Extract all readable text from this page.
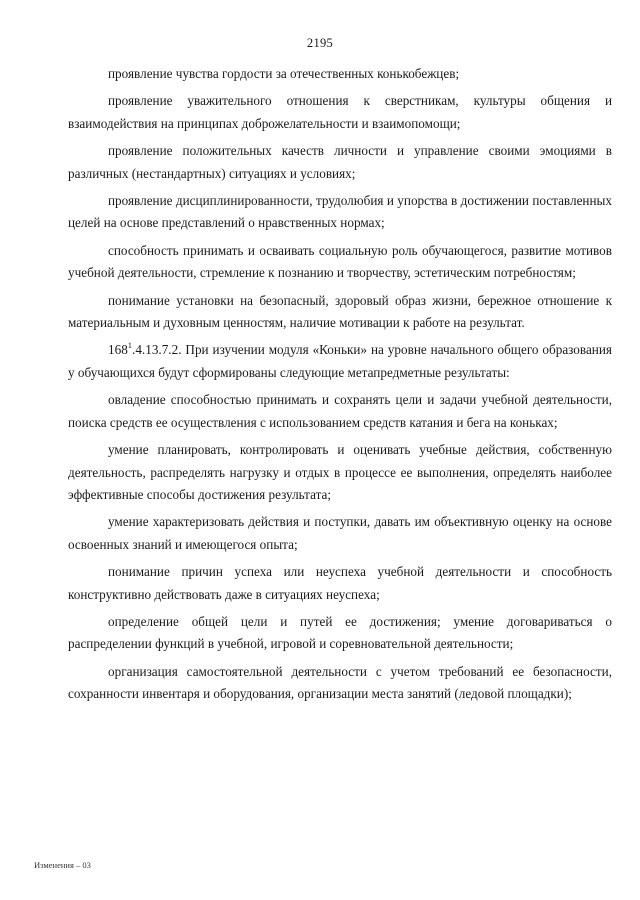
2195

проявление чувства гордости за отечественных конькобежцев;

проявление уважительного отношения к сверстникам, культуры общения и взаимодействия на принципах доброжелательности и взаимопомощи;

проявление положительных качеств личности и управление своими эмоциями в различных (нестандартных) ситуациях и условиях;

проявление дисциплинированности, трудолюбия и упорства в достижении поставленных целей на основе представлений о нравственных нормах;

способность принимать и осваивать социальную роль обучающегося, развитие мотивов учебной деятельности, стремление к познанию и творчеству, эстетическим потребностям;

понимание установки на безопасный, здоровый образ жизни, бережное отношение к материальным и духовным ценностям, наличие мотивации к работе на результат.

$168^1.4.13.7.2$. При изучении модуля «Коньки» на уровне начального общего образования у обучающихся будут сформированы следующие метапредметные результаты:

овладение способностью принимать и сохранять цели и задачи учебной деятельности, поиска средств ее осуществления с использованием средств катания и бега на коньках;

умение планировать, контролировать и оценивать учебные действия, собственную деятельность, распределять нагрузку и отдых в процессе ее выполнения, определять наиболее эффективные способы достижения результата;

умение характеризовать действия и поступки, давать им объективную оценку на основе освоенных знаний и имеющегося опыта;

понимание причин успеха или неуспеха учебной деятельности и способность конструктивно действовать даже в ситуациях неуспеха;

определение общей цели и путей ее достижения; умение договариваться о распределении функций в учебной, игровой и соревновательной деятельности;

организация самостоятельной деятельности с учетом требований ее безопасности, сохранности инвентаря и оборудования, организации места занятий (ледовой площадки);

Изменения – 03
